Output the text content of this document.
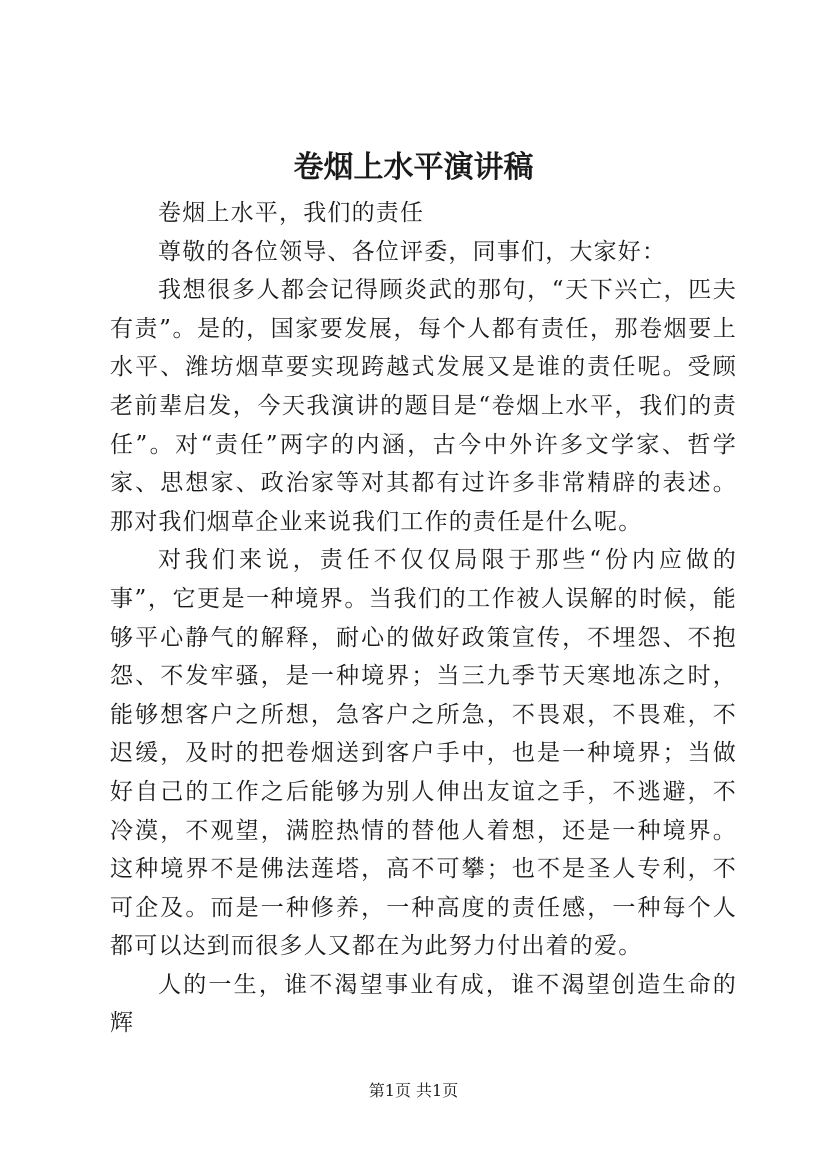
卷烟上水平演讲稿

卷烟上水平，我们的责任

尊敬的各位领导、各位评委，同事们，大家好：

我想很多人都会记得顾炎武的那句，“天下兴亡，匹夫有责”。是的，国家要发展，每个人都有责任，那卷烟要上水平、潍坊烟草要实现跨越式发展又是谁的责任呢。受顾老前辈启发，今天我演讲的题目是“卷烟上水平，我们的责任”。对“责任”两字的内涵，古今中外许多文学家、哲学家、思想家、政治家等对其都有过许多非常精辟的表述。那对我们烟草企业来说我们工作的责任是什么呢。

对我们来说，责任不仅仅局限于那些“份内应做的事”，它更是一种境界。当我们的工作被人误解的时候，能够平心静气的解释，耐心的做好政策宣传，不埋怨、不抱怨、不发牢骚，是一种境界；当三九季节天寒地冻之时，能够想客户之所想，急客户之所急，不畏艰，不畏难，不迟缓，及时的把卷烟送到客户手中，也是一种境界；当做好自己的工作之后能够为别人伸出友谊之手，不逃避，不冷漠，不观望，满腔热情的替他人着想，还是一种境界。这种境界不是佛法莲塔，高不可攀；也不是圣人专利，不可企及。而是一种修养，一种高度的责任感，一种每个人都可以达到而很多人又都在为此努力付出着的爱。

人的一生，谁不渴望事业有成，谁不渴望创造生命的辉

第1页 共1页
